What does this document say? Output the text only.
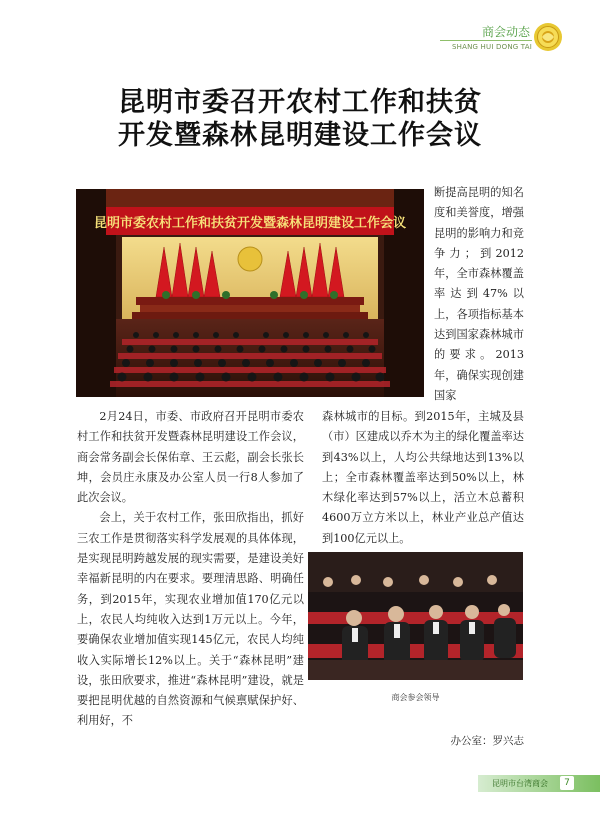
商会动态
SHANG HUI DONG TAI
昆明市委召开农村工作和扶贫
开发暨森林昆明建设工作会议
昆明市委农村工作和扶贫开发暨森林昆明建设工作会议

断提高昆明的知名度和美誉度，增强昆明的影响力和竞争力；到2012年，全市森林覆盖率达到47%以上，各项指标基本达到国家森林城市的要求。2013年，确保实现创建国家

2月24日，市委、市政府召开昆明市委农村工作和扶贫开发暨森林昆明建设工作会议，商会常务副会长保佑章、王云彪，副会长张长坤，会员庄永康及办公室人员一行8人参加了此次会议。

会上，关于农村工作，张田欣指出，抓好三农工作是贯彻落实科学发展观的具体体现，是实现昆明跨越发展的现实需要，是建设美好幸福新昆明的内在要求。要理清思路、明确任务，到2015年，实现农业增加值170亿元以上，农民人均纯收入达到1万元以上。今年，要确保农业增加值实现145亿元，农民人均纯收入实际增长12%以上。关于“森林昆明”建设，张田欣要求，推进“森林昆明”建设，就是要把昆明优越的自然资源和气候禀赋保护好、利用好，不

森林城市的目标。到2015年，主城及县（市）区建成以乔木为主的绿化覆盖率达到43%以上，人均公共绿地达到13%以上；全市森林覆盖率达到50%以上，林木绿化率达到57%以上，活立木总蓄积4600万立方米以上，林业产业总产值达到100亿元以上。

商会参会领导
办公室：罗兴志
昆明市台湾商会	7
